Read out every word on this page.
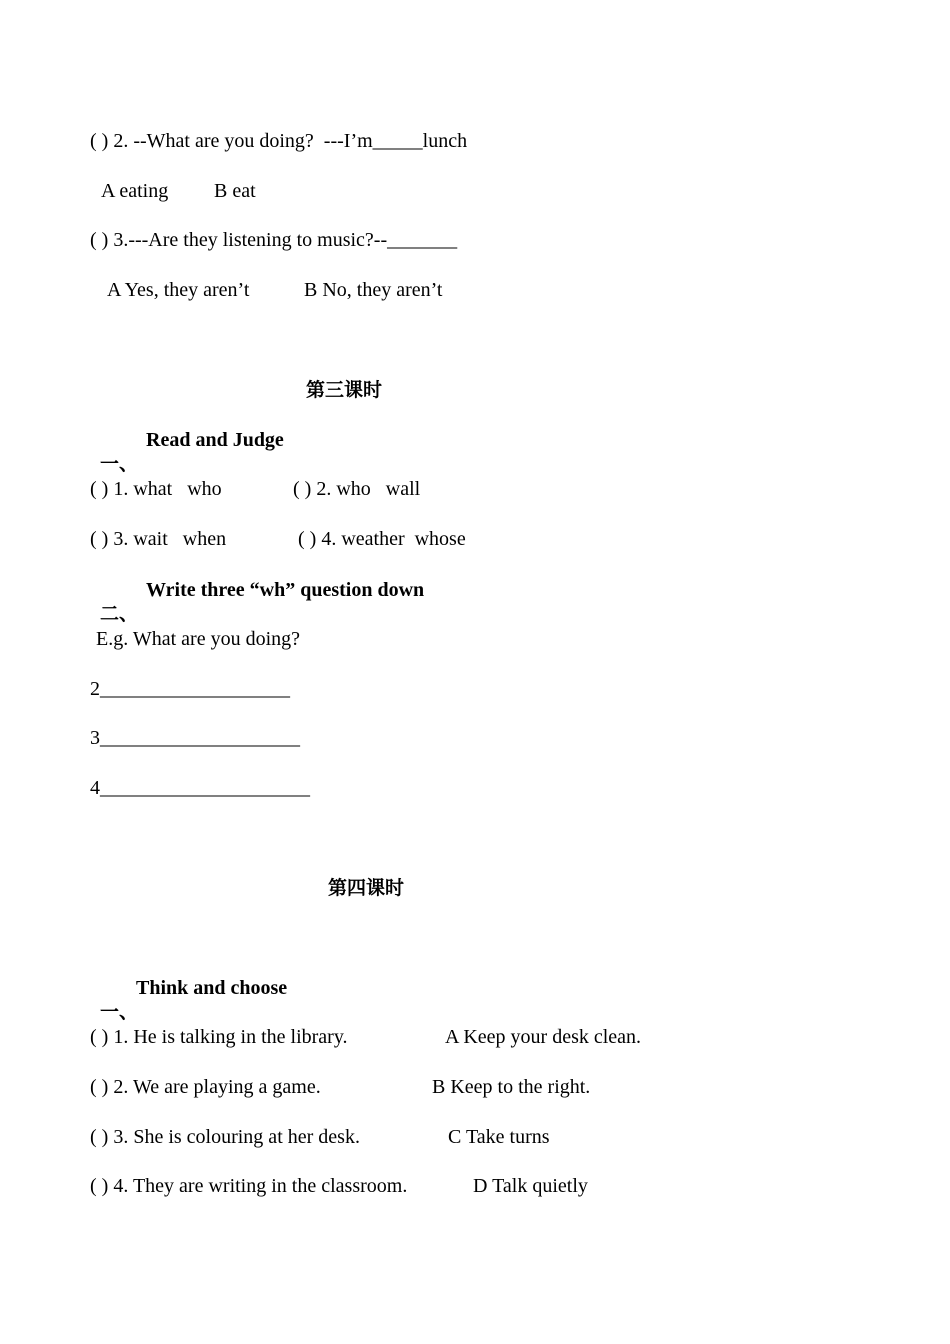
( ) 2. --What are you doing?  ---I’m_____lunch
A eating B eat
( ) 3.---Are they listening to music?--_______
A Yes, they aren’t	B No, they aren’t
第三课时

一、

Read and Judge

( ) 1. what   who	( ) 2. who   wall
( ) 3. wait   when	( ) 4. weather  whose

二、

Write three “wh” question down

E.g. What are you doing?
2___________________
3____________________
4_____________________
第四课时

一、

Think and choose

( ) 1. He is talking in the library.	A Keep your desk clean.
( ) 2. We are playing a game.	B Keep to the right.
( ) 3. She is colouring at her desk.	C Take turns
( ) 4. They are writing in the classroom.	D Talk quietly
